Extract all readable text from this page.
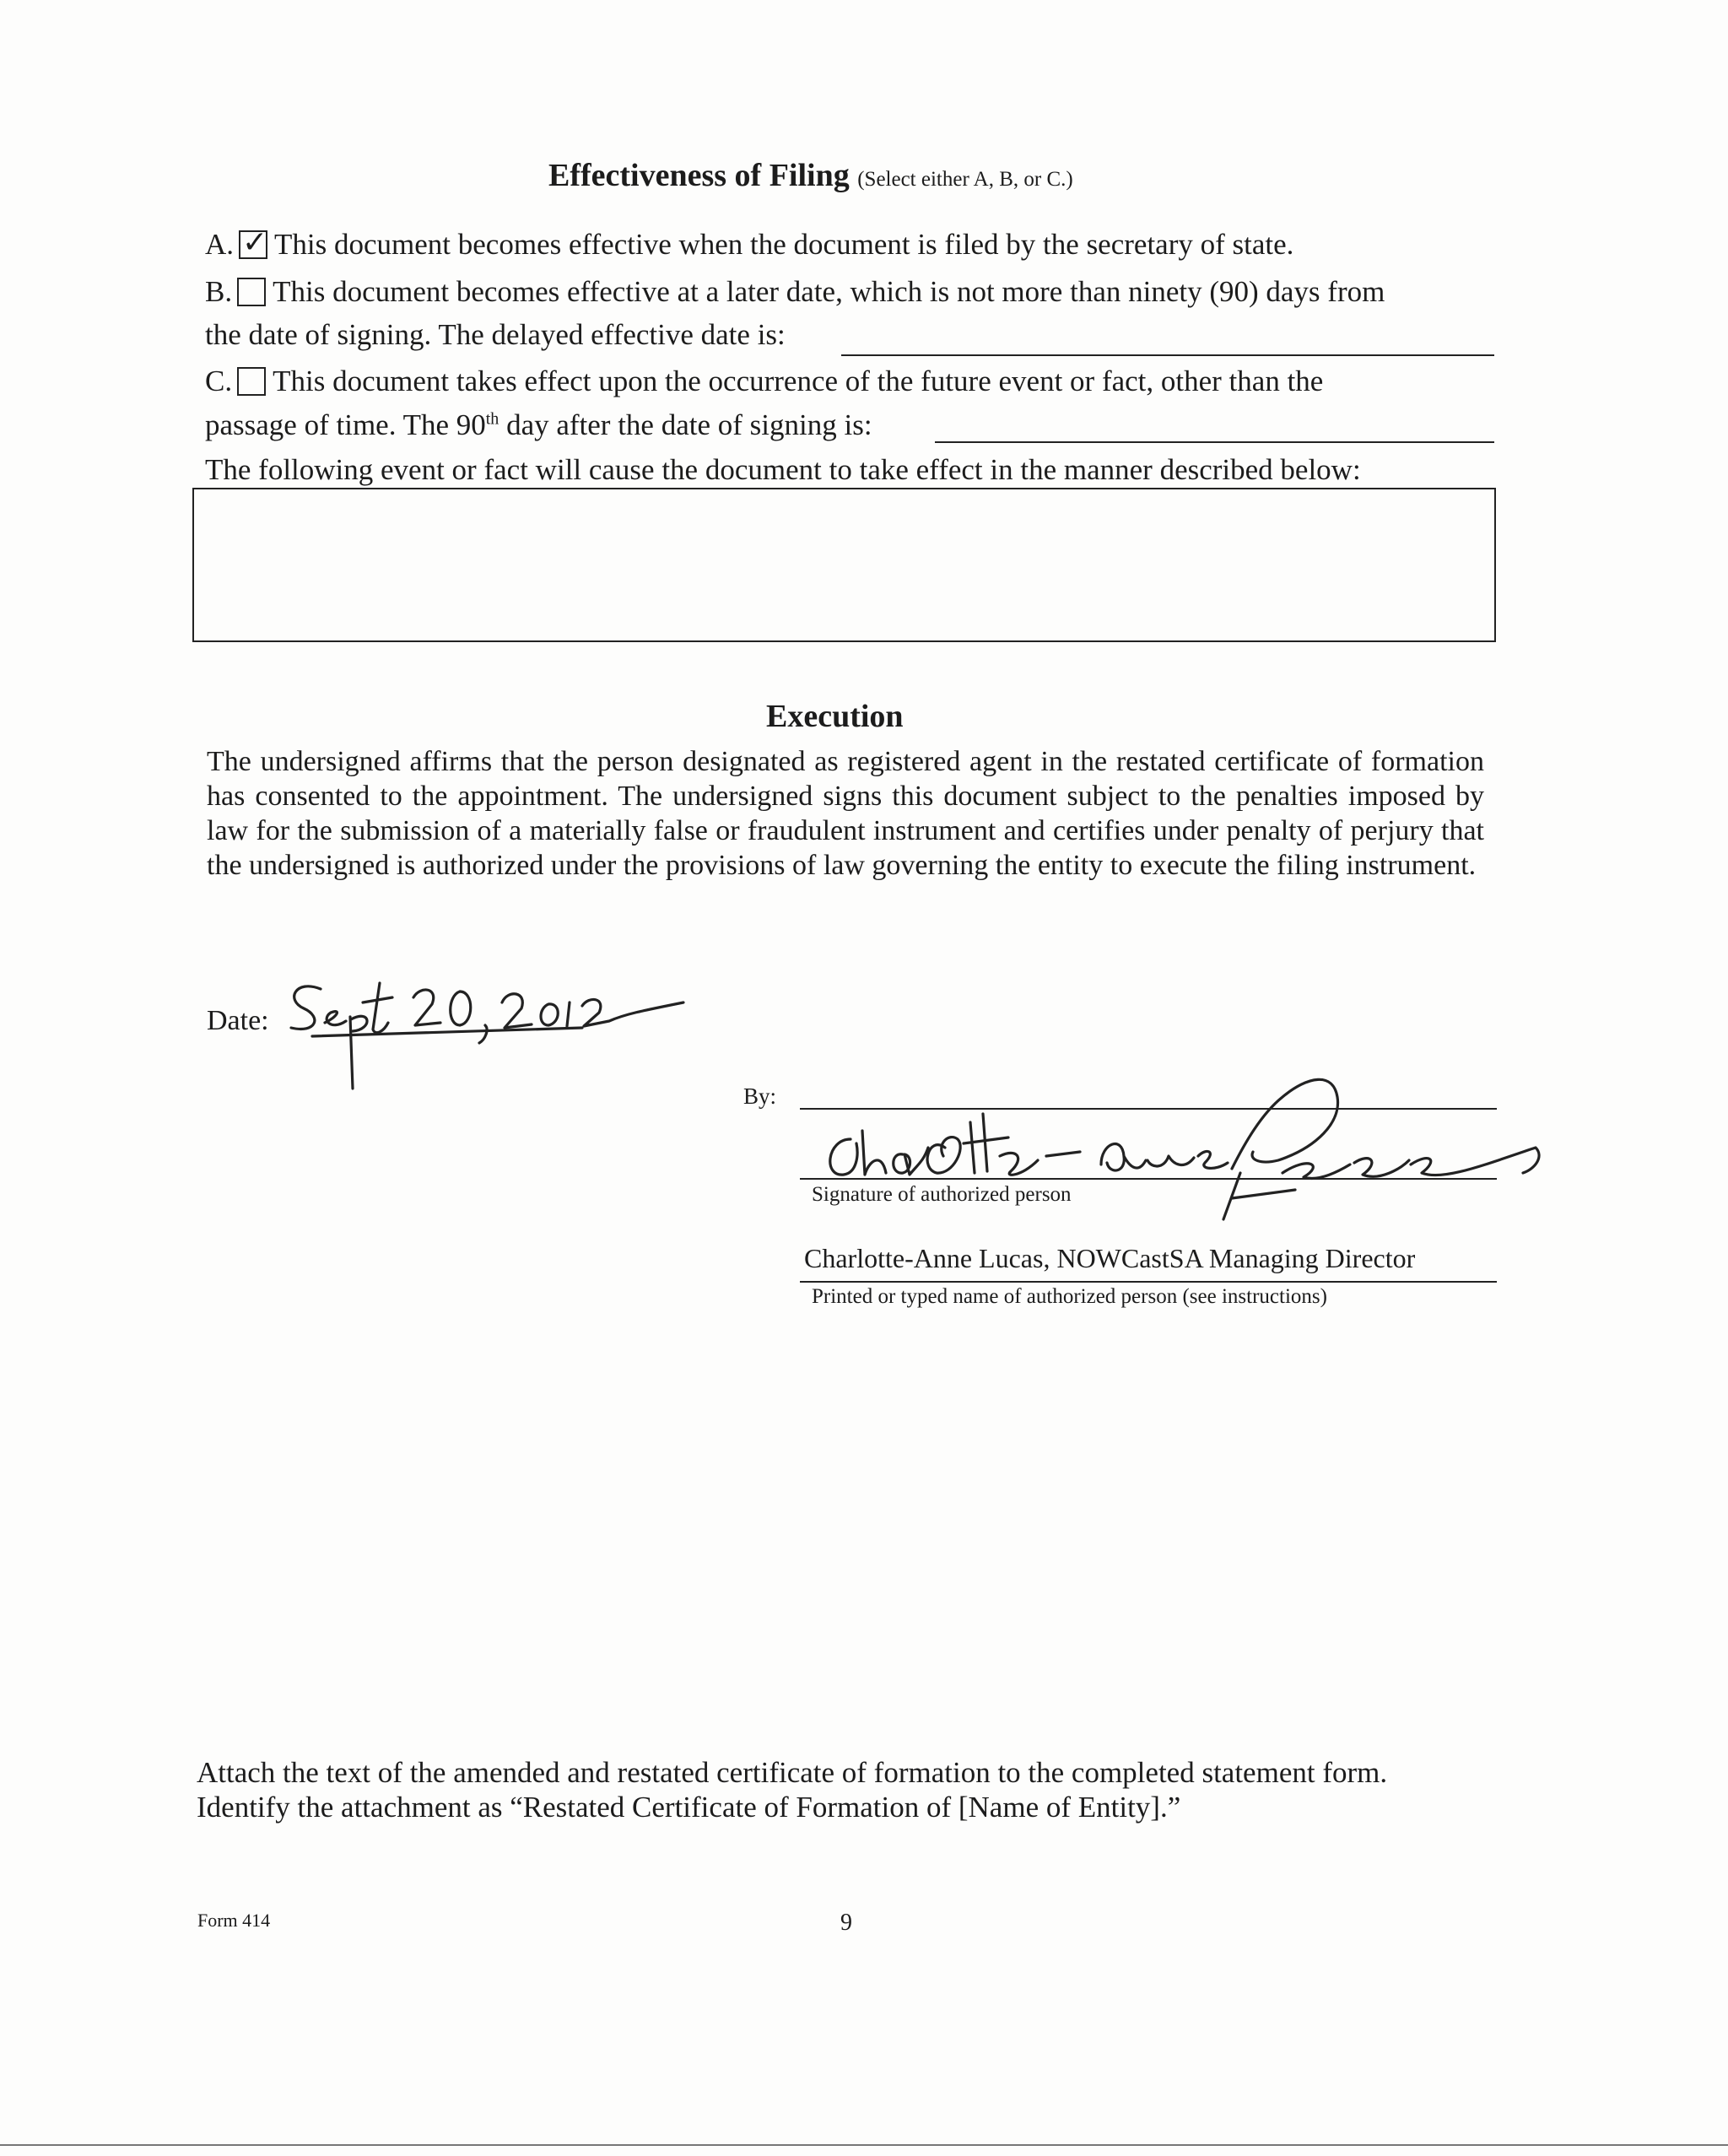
Effectiveness of Filing (Select either A, B, or C.)
A. ✓ This document becomes effective when the document is filed by the secretary of state.
B. This document becomes effective at a later date, which is not more than ninety (90) days from
the date of signing. The delayed effective date is:
C. This document takes effect upon the occurrence of the future event or fact, other than the
passage of time. The 90th day after the date of signing is:
The following event or fact will cause the document to take effect in the manner described below:
Execution
The undersigned affirms that the person designated as registered agent in the restated certificate of formation has consented to the appointment. The undersigned signs this document subject to the penalties imposed by law for the submission of a materially false or fraudulent instrument and certifies under penalty of perjury that the undersigned is authorized under the provisions of law governing the entity to execute the filing instrument.
Date:
By:
Signature of authorized person
Charlotte-Anne Lucas, NOWCastSA Managing Director
Printed or typed name of authorized person (see instructions)
Attach the text of the amended and restated certificate of formation to the completed statement form.
Identify the attachment as “Restated Certificate of Formation of [Name of Entity].”
Form 414	9
